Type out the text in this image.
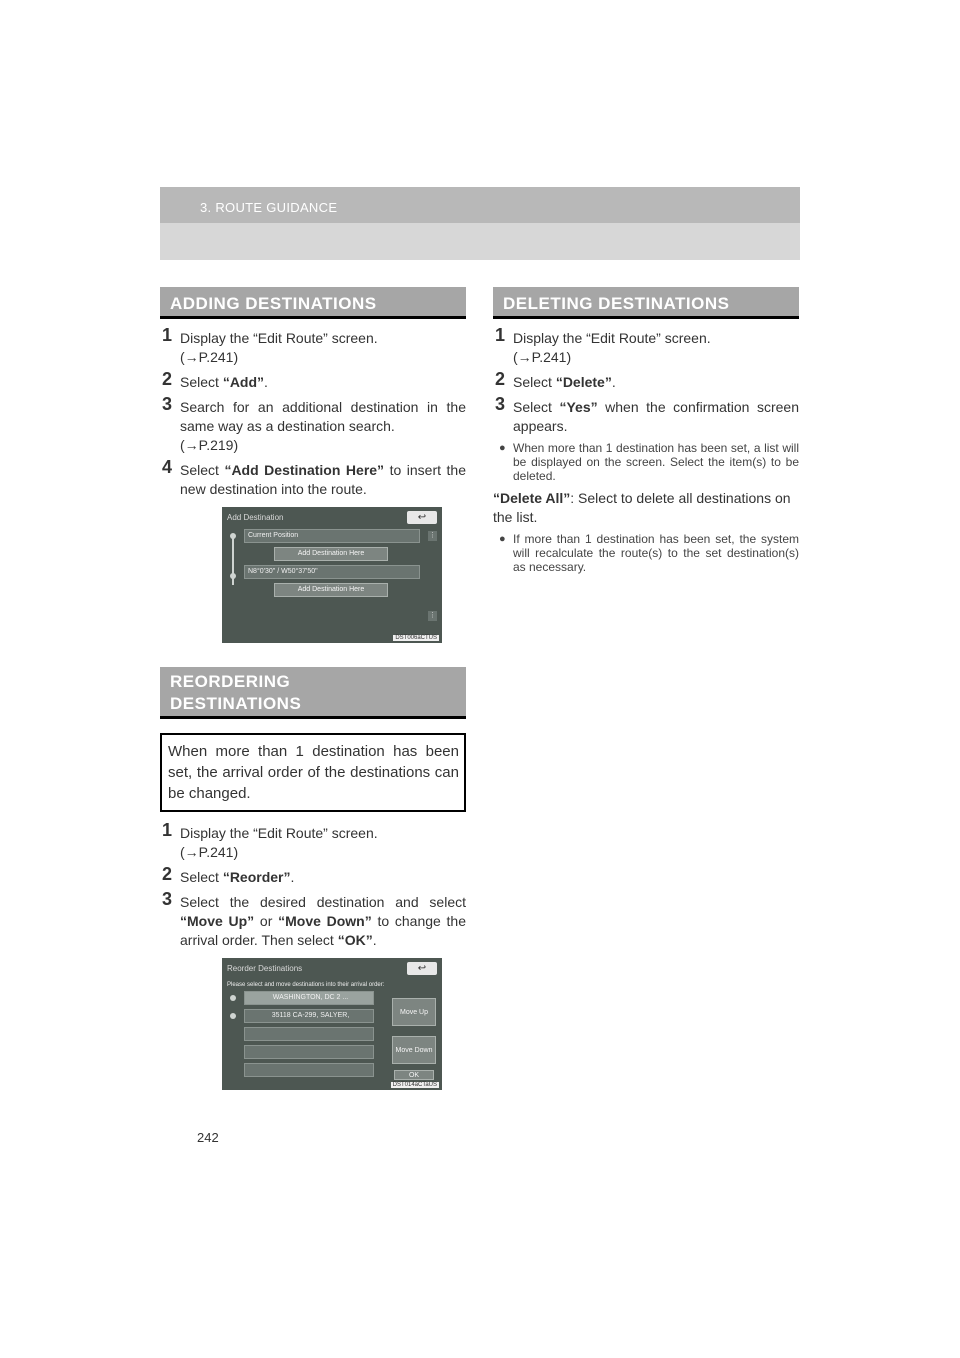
3. ROUTE GUIDANCE
ADDING DESTINATIONS
1 Display the “Edit Route” screen.
(→P.241)
2 Select “Add”.
3 Search for an additional destination in the same way as a destination search.
(→P.219)
4 Select “Add Destination Here” to insert the new destination into the route.
Add Destination	↩
Current Position
Add Destination Here
N8°0'30" / W50°37'50"
Add Destination Here
⋮
⋮
DST006aCTUS
REORDERING
DESTINATIONS
When more than 1 destination has been set, the arrival order of the destinations can be changed.
1 Display the “Edit Route” screen.
(→P.241)
2 Select “Reorder”.
3 Select the desired destination and select “Move Up” or “Move Down” to change the arrival order. Then select “OK”.
Reorder Destinations	↩
Please select and move destinations into their arrival order:
WASHINGTON, DC 2 ...
35118 CA-299, SALYER,	Move Up
Move Down
OK
DST014aCTaUS
DELETING DESTINATIONS
1 Display the “Edit Route” screen.
(→P.241)
2 Select “Delete”.
3 Select “Yes” when the confirmation screen appears.
● When more than 1 destination has been set, a list will be displayed on the screen. Select the item(s) to be deleted.
“Delete All”: Select to delete all destinations on the list.
● If more than 1 destination has been set, the system will recalculate the route(s) to the set destination(s) as necessary.
242
